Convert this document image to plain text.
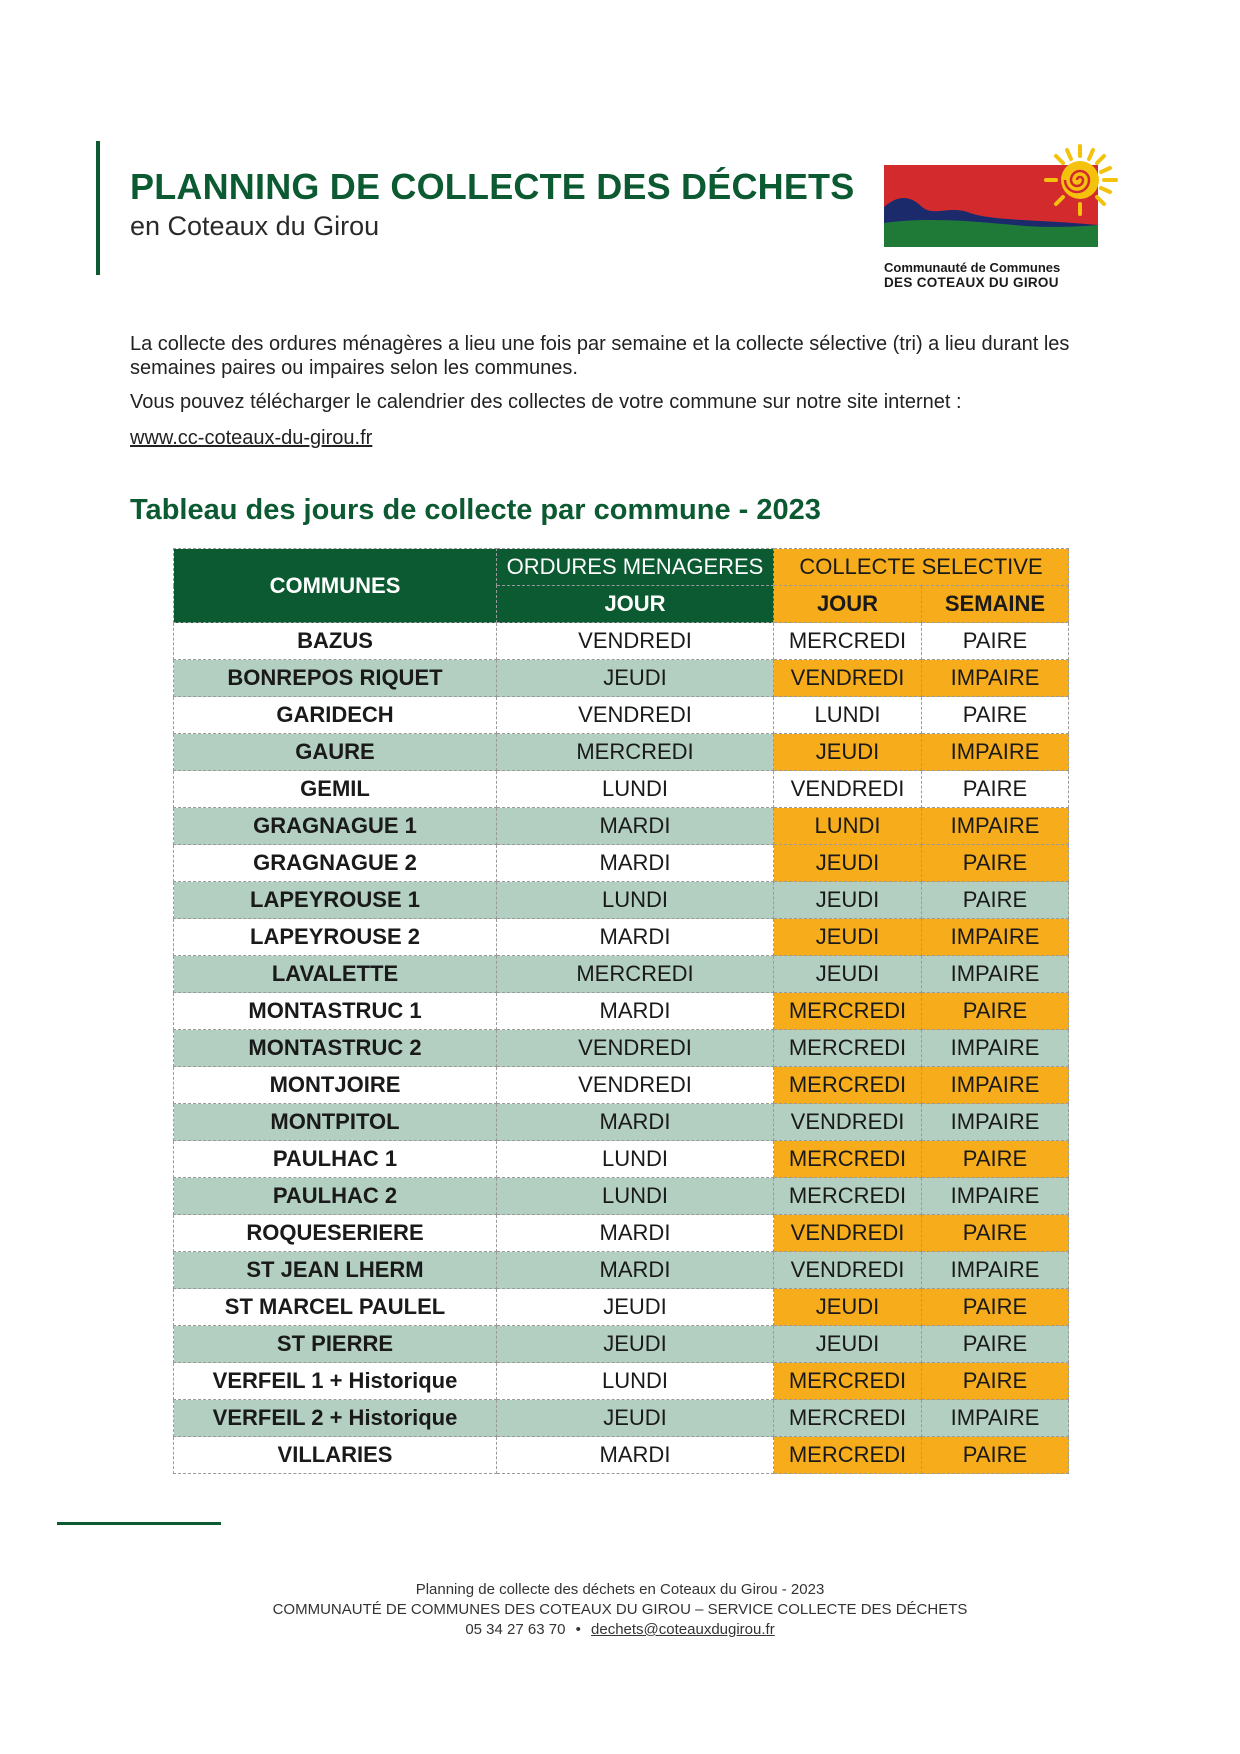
PLANNING DE COLLECTE DES DÉCHETS
en Coteaux du Girou
Communauté de Communes
DES COTEAUX DU GIROU

La collecte des ordures ménagères a lieu une fois par semaine et la collecte sélective (tri) a lieu durant les semaines paires ou impaires selon les communes.

Vous pouvez télécharger le calendrier des collectes de votre commune sur notre site internet :

www.cc-coteaux-du-girou.fr
Tableau des jours de collecte par commune - 2023
COMMUNES	ORDURES MENAGERES	COLLECTE SELECTIVE	
	JOUR	JOUR	SEMAINE
BAZUS	VENDREDI	MERCREDI	PAIRE
BONREPOS RIQUET	JEUDI	VENDREDI	IMPAIRE
GARIDECH	VENDREDI	LUNDI	PAIRE
GAURE	MERCREDI	JEUDI	IMPAIRE
GEMIL	LUNDI	VENDREDI	PAIRE
GRAGNAGUE 1	MARDI	LUNDI	IMPAIRE
GRAGNAGUE 2	MARDI	JEUDI	PAIRE
LAPEYROUSE 1	LUNDI	JEUDI	PAIRE
LAPEYROUSE 2	MARDI	JEUDI	IMPAIRE
LAVALETTE	MERCREDI	JEUDI	IMPAIRE
MONTASTRUC 1	MARDI	MERCREDI	PAIRE
MONTASTRUC 2	VENDREDI	MERCREDI	IMPAIRE
MONTJOIRE	VENDREDI	MERCREDI	IMPAIRE
MONTPITOL	MARDI	VENDREDI	IMPAIRE
PAULHAC 1	LUNDI	MERCREDI	PAIRE
PAULHAC 2	LUNDI	MERCREDI	IMPAIRE
ROQUESERIERE	MARDI	VENDREDI	PAIRE
ST JEAN LHERM	MARDI	VENDREDI	IMPAIRE
ST MARCEL PAULEL	JEUDI	JEUDI	PAIRE
ST PIERRE	JEUDI	JEUDI	PAIRE
VERFEIL 1 + Historique	LUNDI	MERCREDI	PAIRE
VERFEIL 2 + Historique	JEUDI	MERCREDI	IMPAIRE
VILLARIES	MARDI	MERCREDI	PAIRE
Planning de collecte des déchets en Coteaux du Girou - 2023
COMMUNAUTÉ DE COMMUNES DES COTEAUX DU GIROU – SERVICE COLLECTE DES DÉCHETS
05 34 27 63 70 • dechets@coteauxdugirou.fr
